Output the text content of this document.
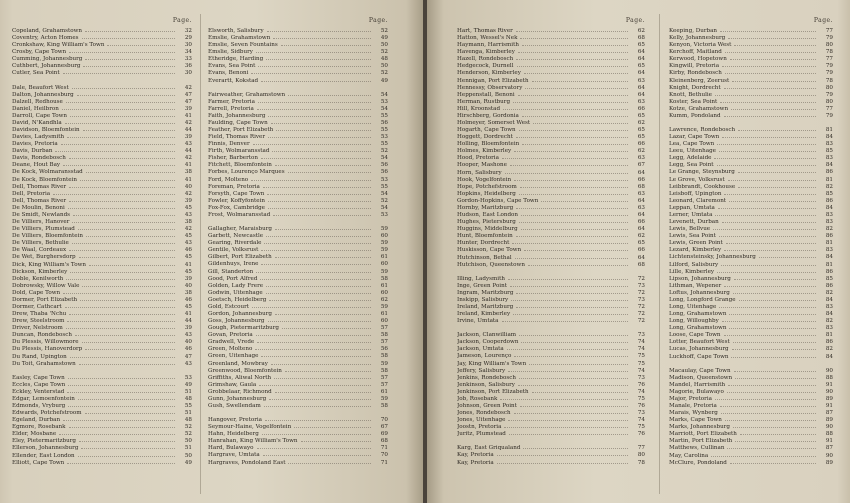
Page.
Copeland, Grahamstown	32
Coventry, Acton Homes	29
Cronkshaw, King William's Town	30
Crosby, Cape Town	34
Cumming, Johannesburg	33
Cuthbert, Johannesburg	36
Cutler, Sea Point	30
Dale, Beaufort West	42
Dalton, Johannesburg	47
Dalzell, Redhouse	47
Daniel, Heilbron	39
Darroll, Cape Town	41
David, N'Kandhla	42
Davidson, Bloemfontein	44
Davies, Ladysmith	39
Davies, Pretoria	43
Davis, Durban	44
Davis, Rondebosch	42
Deane, Hout Bay	41
De Kock, Wolmaransstad	38
De Kock, Bloemfontein	41
Dell, Thomas River	40
Dell, Pretoria	42
Dell, Thomas River	39
De Moulin, Benoni	45
De Smidt, Newlands	43
De Villiers, Hanover	38
De Villiers, Plumstead	42
De Villiers, Bloemfontein	45
De Villiers, Bethulie	43
De Waal, Cordeaux	46
De Wet, Burghersdorp	45
Dick, King William's Town	41
Dickson, Kimberley	45
Doble, Kenilworth	39
Dobrowsky, Willow Vale	40
Dold, Cape Town	38
Dormer, Port Elizabeth	46
Dormer, Cathcart	45
Drew, Thaba 'Nchu	41
Drew, Steelstroom	44
Driver, Nelstroom	39
Duncan, Rondebosch	43
Du Plessis, Willowmore	40
Du Plessis, Hanoverdorp	46
Du Rand, Upington	47
Du Toit, Grahamstown	43
Easley, Cape Town	53
Eccles, Cape Town	49
Eckley, Venterstad	51
Edgar, Lemoenfontein	48
Edmonds, Vryburg	55
Edwards, Potchefstroom	51
Egeland, Durban	48
Egmore, Rosebank	52
Elder, Mosbane	52
Eley, Pietermaritzburg	50
Ellerson, Johannesburg	51
Ellender, East London	50
Elliott, Cape Town	49
Page.
Elsworth, Salisbury	52
Emslie, Grahamstown	49
Emslie, Seven Fountains	50
Emslie, Sidbury	52
Etheridge, Harding	48
Evans, Sea Point	50
Evans, Benoni	52
Everartt, Kokstad	49
Fairweather, Grahamstown	54
Farmer, Pretoria	53
Farrell, Pretoria	54
Faith, Johannesburg	55
Faulding, Cape Town	56
Feather, Port Elizabeth	55
Field, Thomas River	53
Finnis, Denver	55
Firth, Wolmaransstad	52
Fisher, Barberton	54
Fitchett, Bloemfontein	56
Forbes, Lourenço Marques	56
Ford, Molteno	53
Foreman, Pretoria	55
Forsyth, Cape Town	54
Fowler, Koffyfontein	52
Fox-Fox, Cambridge	54
Frost, Wolmaransstad	53
Gallagher, Maraisburg	59
Garbett, Newcastle	60
Gearing, Riverdale	59
Gentile, Volksrust	59
Gilbert, Port Elizabeth	61
Gildenhuys, Irene	60
Gill, Standerton	59
Good, Port Alfred	58
Golden, Lady Frere	61
Godwin, Uitenhage	60
Goetsch, Heidelberg	62
Gold, Estcourt	59
Gordon, Johannesburg	61
Goss, Johannesburg	60
Gough, Pietermaritzburg	57
Govan, Pretoria	58
Gradwell, Vrede	57
Green, Molteno	56
Green, Uitenhage	58
Greenland, Mowbray	59
Greenwood, Bloemfontein	58
Griffiths, Aliwal North	57
Grimshaw, Gaula	57
Grobbelaar, Richmond	61
Gunn, Johannesburg	59
Gush, Swellendam	58
Hangover, Pretoria	70
Seymour-Haine, Vogelfontein	67
Hahn, Heidelberg	69
Hanrahan, King William's Town	68
Hard, Bulawayo	71
Hargrave, Umtata	70
Hargraves, Pondoland East	71
Page.
Hart, Thomas River	62
Hatton, Wessel's Nek	68
Haymann, Harrismith	65
Havenga, Kimberley	64
Hazell, Rondebosch	64
Hedgecock, Durnell	65
Henderson, Kimberley	64
Hennigan, Port Elizabeth	63
Hennessy, Observatory	64
Heppenstall, Benoni	64
Herman, Rustburg	63
Hill, Kroonstad	66
Hirschberg, Gordonia	65
Holmeyer, Somerset West	62
Hogarth, Cape Town	65
Hoggett, Dordrecht	65
Holling, Bloemfontein	66
Holmes, Kimberley	62
Hood, Pretoria	63
Hooper, Mashone	67
Horn, Salisbury	64
Hook, Vogelfontein	66
Hope, Potchefstroom	68
Hopkins, Heidelberg	63
Gordon-Hopkins, Cape Town	64
Hornby, Maritzburg	63
Hudson, East London	64
Hughes, Pietersburg	66
Huggins, Middelburg	64
Hunt, Bloemfontein	62
Hunter, Dordrecht	65
Huskisson, Cape Town	66
Hutchinson, Bethal	64
Hutchison, Queenstown	68
Illing, Ladysmith	72
Inge, Green Point	73
Ingram, Maritzburg	72
Inskipp, Salisbury	73
Ireland, Maritzburg	72
Ireland, Kimberley	72
Irvine, Umtata	72
Jackson, Clanwilliam	73
Jackson, Cooperdown	74
Jackson, Umtata	74
Jameson, Lourenço	75
Jay, King William's Town	75
Jeffery, Salisbury	74
Jenkins, Rondebosch	73
Jenkinson, Salisbury	76
Jenkinson, Port Elizabeth	74
Job, Rosebank	75
Johnson, Green Point	76
Jones, Rondebosch	73
Jones, Uitenhage	74
Joostn, Pretoria	75
Juritz, Plumstead	76
Karg, East Griqualand	77
Kay, Pretoria	80
Kay, Pretoria	78
Page.
Keeping, Durban	77
Kelly, Johannesburg	79
Kenyon, Victoria West	80
Kerchoff, Maitland	78
Kerwood, Hopetown	77
Kingwill, Pretoria	79
Kirby, Rondebosch	79
Kleinenberg, Zeerust	78
Knight, Dordrecht	80
Knott, Bethulie	79
Koster, Sea Point	80
Kotze, Grahamstown	77
Kumm, Pondoland	79
Lawrence, Rondebosch	81
Lazar, Cape Town	84
Lea, Cape Town	83
Leeu, Uitenhage	85
Legg, Adelaide	83
Legg, Sea Point	84
Le Grange, Steynsburg	86
Le Grove, Volksrust	81
Leibbrandt, Cookhouse	82
Leisboff, Upington	85
Leonard, Claremont	86
Leppan, Umtata	84
Lerner, Umtata	83
Levenett, Durban	83
Lewis, Bellvue	82
Lewis, Sea Point	86
Lewis, Green Point	81
Lezard, Kimberley	83
Lichtensteinsky, Johannesburg	84
Lilford, Salisbury	81
Lille, Kimberley	86
Lipson, Johannesburg	85
Lithman, Wepener	86
Loftus, Johannesburg	82
Long, Longford Grange	84
Long, Uitenhage	83
Long, Grahamstown	84
Long, Willoughby	82
Long, Grahamstown	83
Loose, Cape Town	81
Lotter, Beaufort West	86
Lucas, Johannesburg	82
Luckhoff, Cape Town	84
Macaulay, Cape Town	90
Madison, Queenstown	88
Mandel, Harrismith	91
Magorie, Bulawayo	90
Major, Pretoria	89
Manale, Pretoria	91
Marais, Wynberg	87
Marks, Cape Town	89
Marks, Johannesburg	90
Marriott, Port Elizabeth	88
Martin, Port Elizabeth	91
Matthews, Cullinan	87
May, Carolina	90
McClure, Pondoland	89
